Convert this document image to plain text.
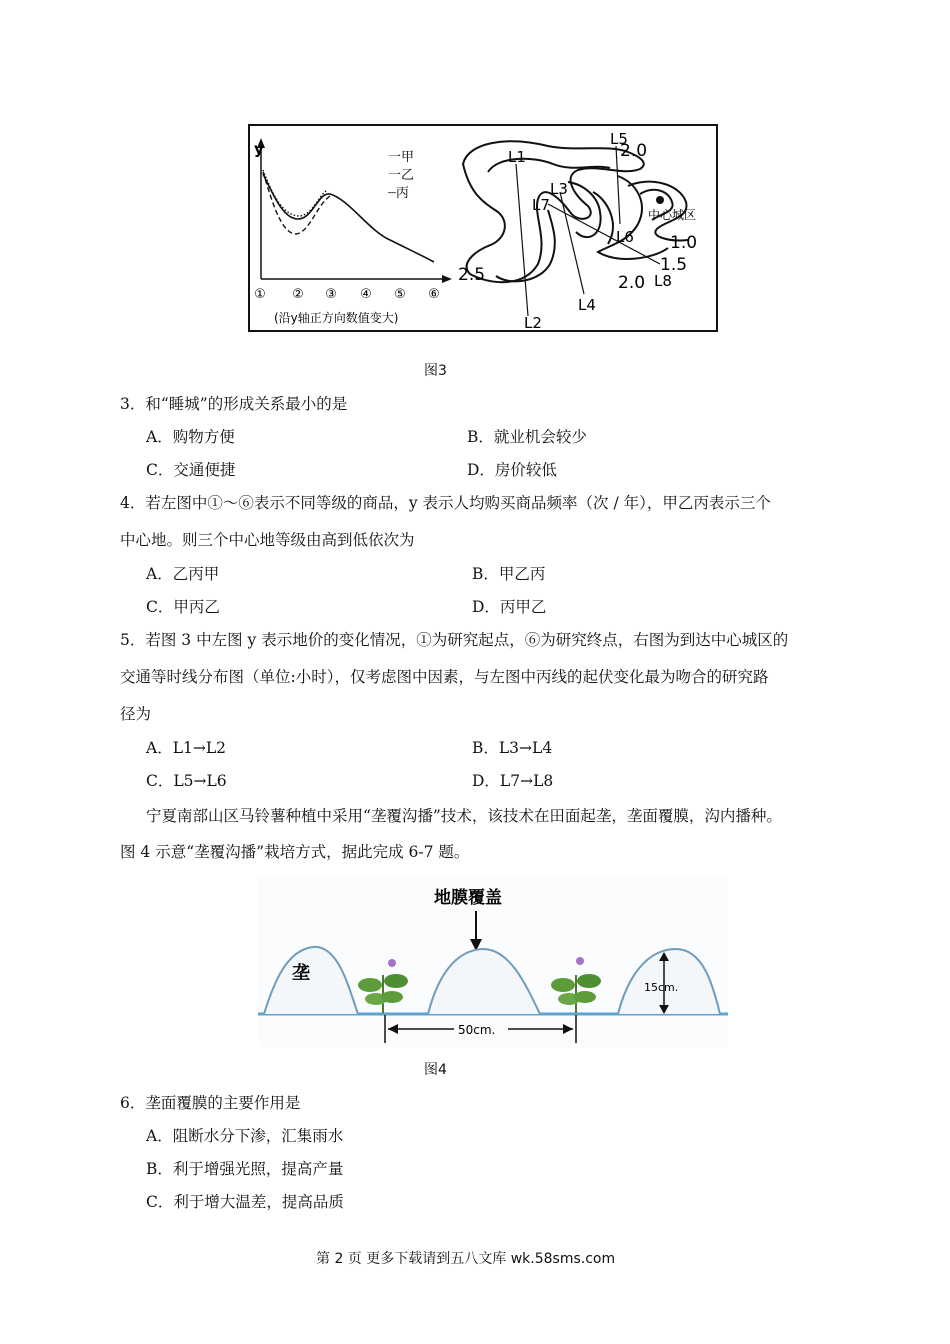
y	一甲
一乙
┈丙
① ② ③ ④ ⑤ ⑥
(沿y轴正方向数值变大)
中心城区
2.0
1.0
1.5
2.0
2.5
L1
L2
L3
L4
L5
L6
L7
L8
图3
3．和“睡城”的形成关系最小的是
A．购物方便	B．就业机会较少
C．交通便捷	D．房价较低
4．若左图中①～⑥表示不同等级的商品，y 表示人均购买商品频率（次 / 年），甲乙丙表示三个
中心地。则三个中心地等级由高到低依次为
A．乙丙甲	B．甲乙丙
C．甲丙乙	D．丙甲乙
5．若图 3 中左图 y 表示地价的变化情况，①为研究起点，⑥为研究终点，右图为到达中心城区的
交通等时线分布图（单位:小时），仅考虑图中因素，与左图中丙线的起伏变化最为吻合的研究路
径为
A．L1→L2	B．L3→L4
C．L5→L6	D．L7→L8
宁夏南部山区马铃薯种植中采用“垄覆沟播”技术，该技术在田面起垄，垄面覆膜，沟内播种。
图 4 示意“垄覆沟播”栽培方式，据此完成 6-7 题。
地膜覆盖
垄
15cm.
50cm.
图4
6．垄面覆膜的主要作用是
A．阻断水分下渗，汇集雨水
B．利于增强光照，提高产量
C．利于增大温差，提高品质
第 2 页 更多下载请到五八文库 wk.58sms.com
